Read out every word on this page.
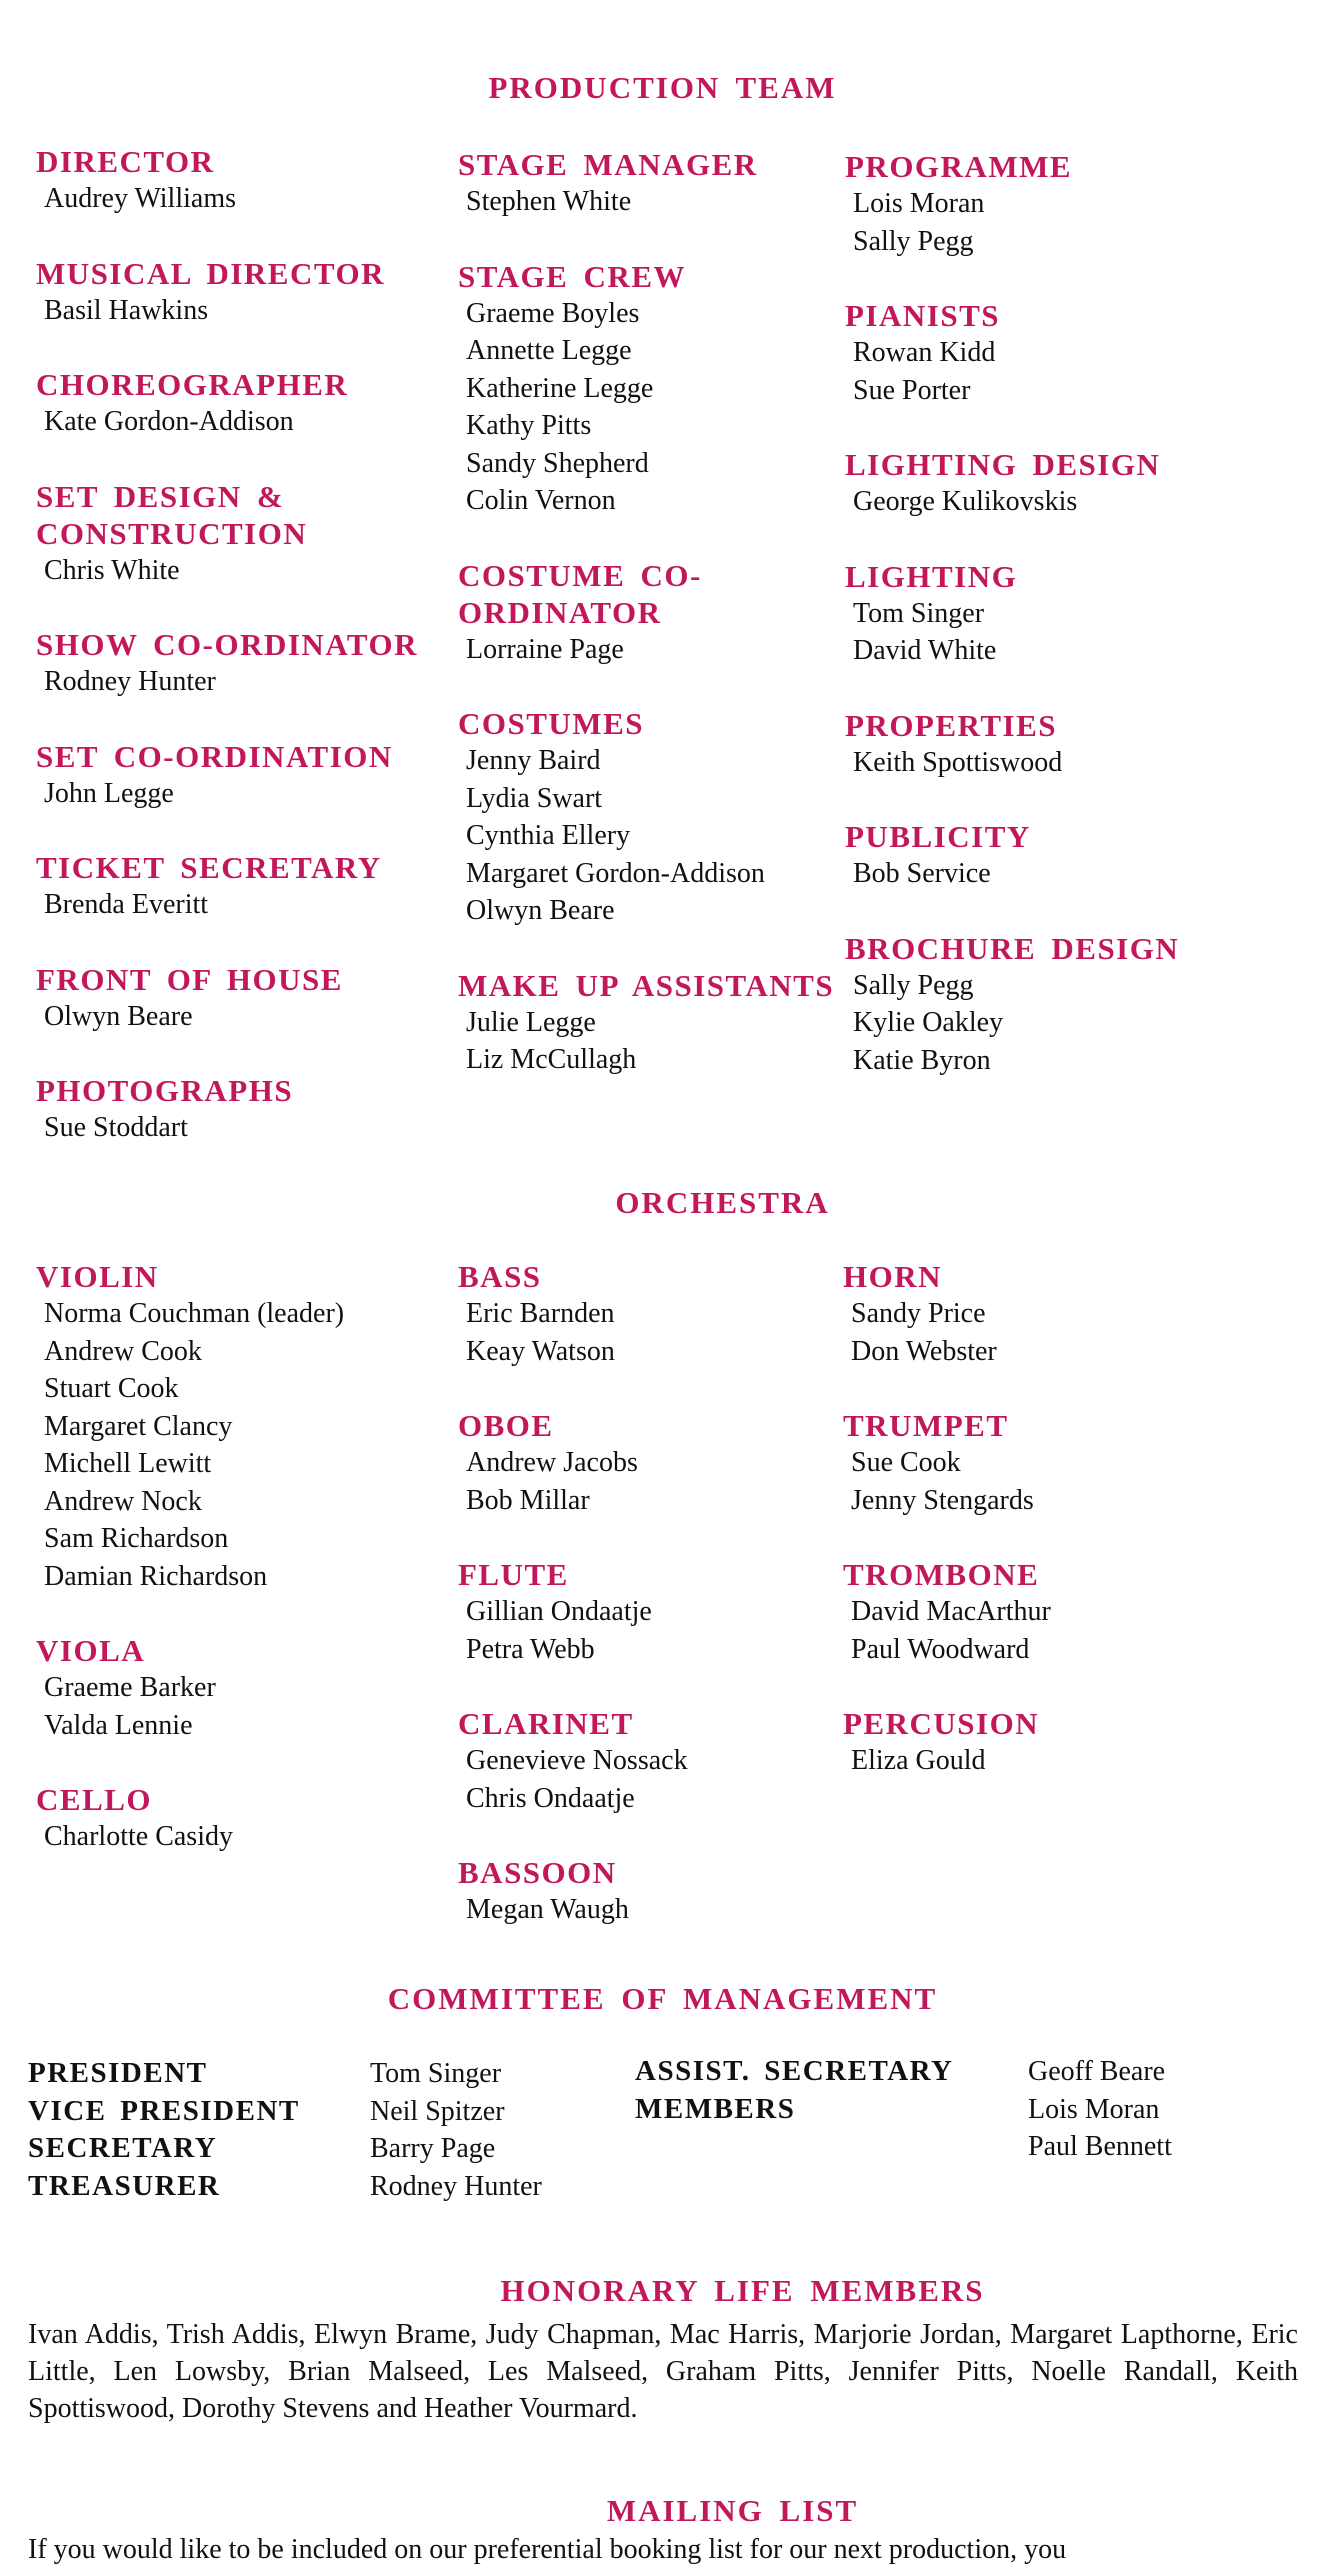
PRODUCTION TEAM
DIRECTOR
Audrey Williams
MUSICAL DIRECTOR
Basil Hawkins
CHOREOGRAPHER
Kate Gordon-Addison
SET DESIGN & CONSTRUCTION
Chris White
SHOW CO-ORDINATOR
Rodney Hunter
SET CO-ORDINATION
John Legge
TICKET SECRETARY
Brenda Everitt
FRONT OF HOUSE
Olwyn Beare
PHOTOGRAPHS
Sue Stoddart
STAGE MANAGER
Stephen White
STAGE CREW
Graeme Boyles
Annette Legge
Katherine Legge
Kathy Pitts
Sandy Shepherd
Colin Vernon
COSTUME CO-ORDINATOR
Lorraine Page
COSTUMES
Jenny Baird
Lydia Swart
Cynthia Ellery
Margaret Gordon-Addison
Olwyn Beare
MAKE UP ASSISTANTS
Julie Legge
Liz McCullagh
PROGRAMME
Lois Moran
Sally Pegg
PIANISTS
Rowan Kidd
Sue Porter
LIGHTING DESIGN
George Kulikovskis
LIGHTING
Tom Singer
David White
PROPERTIES
Keith Spottiswood
PUBLICITY
Bob Service
BROCHURE DESIGN
Sally Pegg
Kylie Oakley
Katie Byron
ORCHESTRA
VIOLIN
Norma Couchman (leader)
Andrew Cook
Stuart Cook
Margaret Clancy
Michell Lewitt
Andrew Nock
Sam Richardson
Damian Richardson
VIOLA
Graeme Barker
Valda Lennie
CELLO
Charlotte Casidy
BASS
Eric Barnden
Keay Watson
OBOE
Andrew Jacobs
Bob Millar
FLUTE
Gillian Ondaatje
Petra Webb
CLARINET
Genevieve Nossack
Chris Ondaatje
BASSOON
Megan Waugh
HORN
Sandy Price
Don Webster
TRUMPET
Sue Cook
Jenny Stengards
TROMBONE
David MacArthur
Paul Woodward
PERCUSION
Eliza Gould
COMMITTEE OF MANAGEMENT
PRESIDENT
VICE PRESIDENT
SECRETARY
TREASURER
Tom Singer
Neil Spitzer
Barry Page
Rodney Hunter
ASSIST. SECRETARY
MEMBERS
Geoff Beare
Lois Moran
Paul Bennett
HONORARY LIFE MEMBERS
Ivan Addis, Trish Addis, Elwyn Brame, Judy Chapman, Mac Harris, Marjorie Jordan, Margaret Lapthorne, Eric Little, Len Lowsby, Brian Malseed, Les Malseed, Graham Pitts, Jennifer Pitts, Noelle Randall, Keith Spottiswood, Dorothy Stevens and Heather Vourmard.
MAILING LIST
If you would like to be included on our preferential booking list for our next production, you
